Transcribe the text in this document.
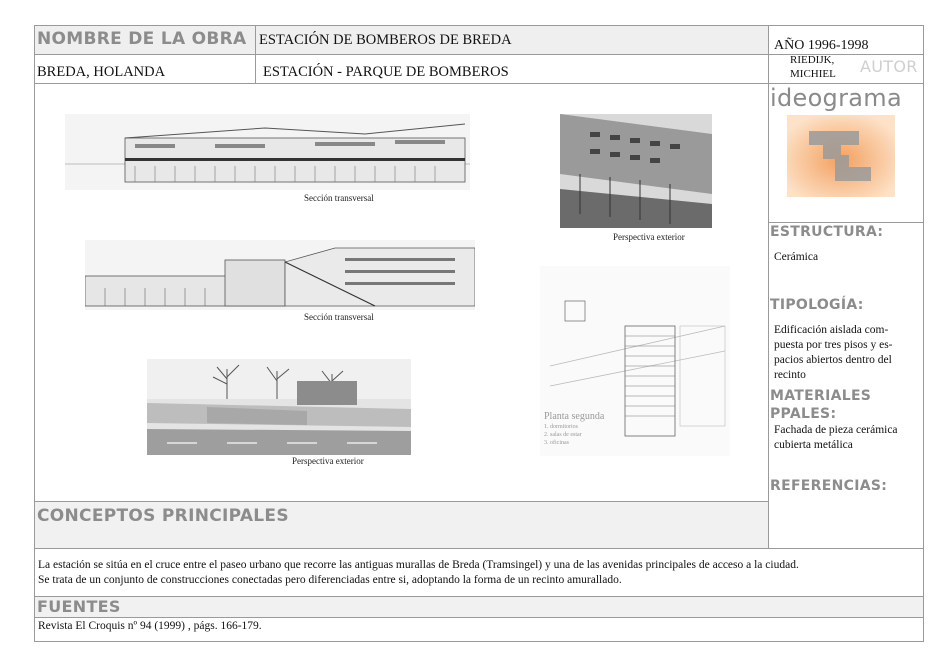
NOMBRE DE LA OBRA ESTACIÓN DE BOMBEROS DE BREDA	AÑO 1996-1998
BREDA, HOLANDA	ESTACIÓN - PARQUE DE BOMBEROS
RIEDIJK,
MICHIEL AUTOR
ideograma
ESTRUCTURA:
Cerámica
TIPOLOGÍA:
Edificación aislada com-
puesta por tres pisos y es-
pacios abiertos dentro del
recinto
MATERIALES
PPALES:
Fachada de pieza cerámica
cubierta metálica
REFERENCIAS:
Sección transversal
Perspectiva exterior
Sección transversal
Planta segunda
1. dormitorios
2. salas de estar
3. oficinas
Perspectiva exterior
CONCEPTOS PRINCIPALES
La estación se sitúa en el cruce entre el paseo urbano que recorre las antiguas murallas de Breda (Tramsingel) y una de las avenidas principales de acceso a la ciudad.
Se trata de un conjunto de construcciones conectadas pero diferenciadas entre si, adoptando la forma de un recinto amurallado.
FUENTES
Revista El Croquis nº 94 (1999) , págs. 166-179.
